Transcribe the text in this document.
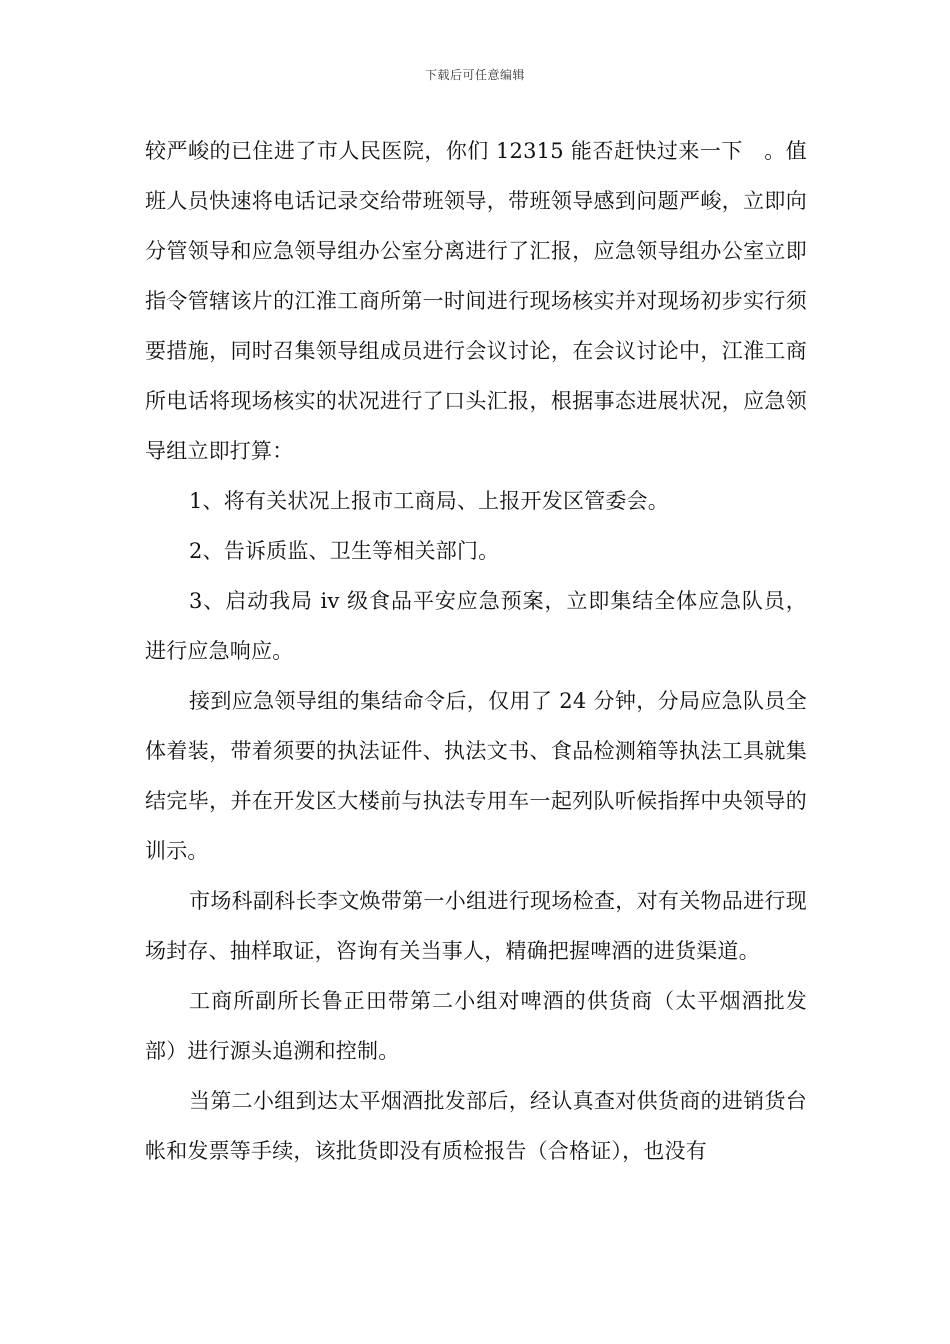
下载后可任意编辑

较严峻的已住进了市人民医院，你们 12315 能否赶快过来一下　。值班人员快速将电话记录交给带班领导，带班领导感到问题严峻，立即向分管领导和应急领导组办公室分离进行了汇报，应急领导组办公室立即指令管辖该片的江淮工商所第一时间进行现场核实并对现场初步实行须要措施，同时召集领导组成员进行会议讨论，在会议讨论中，江淮工商所电话将现场核实的状况进行了口头汇报，根据事态进展状况，应急领导组立即打算：

1、将有关状况上报市工商局、上报开发区管委会。

2、告诉质监、卫生等相关部门。

3、启动我局 iv 级食品平安应急预案，立即集结全体应急队员，进行应急响应。

接到应急领导组的集结命令后，仅用了 24 分钟，分局应急队员全体着装，带着须要的执法证件、执法文书、食品检测箱等执法工具就集结完毕，并在开发区大楼前与执法专用车一起列队听候指挥中央领导的训示。

市场科副科长李文焕带第一小组进行现场检查，对有关物品进行现场封存、抽样取证，咨询有关当事人，精确把握啤酒的进货渠道。

工商所副所长鲁正田带第二小组对啤酒的供货商（太平烟酒批发部）进行源头追溯和控制。

当第二小组到达太平烟酒批发部后，经认真查对供货商的进销货台帐和发票等手续，该批货即没有质检报告（合格证），也没有
